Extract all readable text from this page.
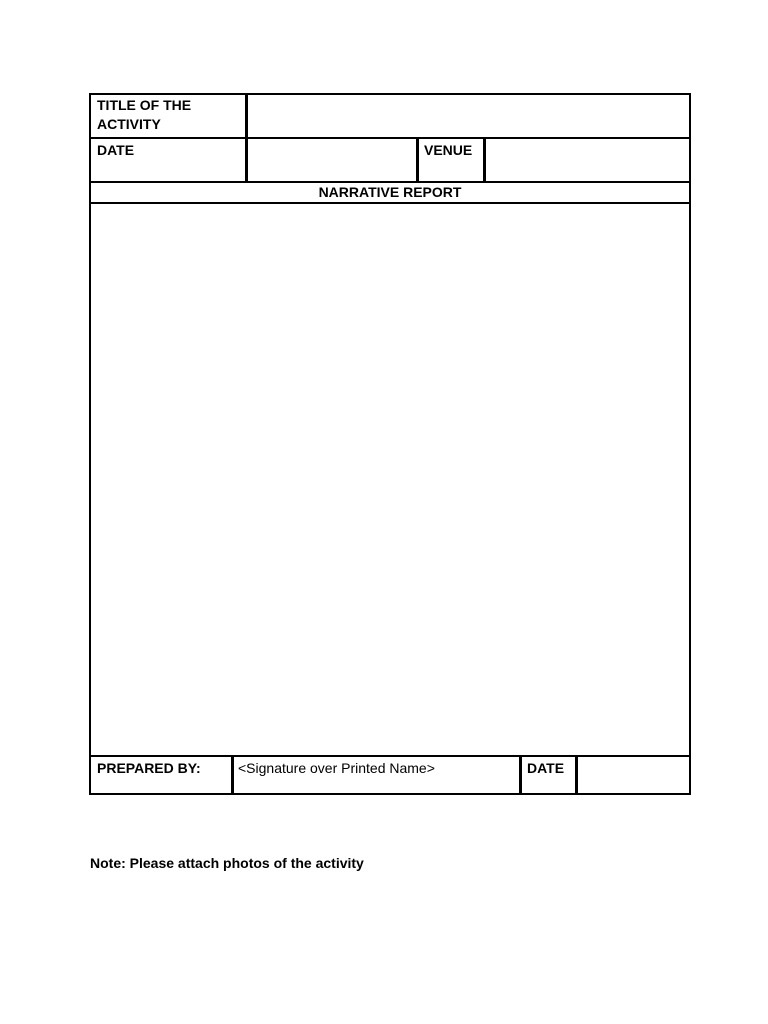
TITLE OF THE ACTIVITY
DATE	VENUE
NARRATIVE REPORT
PREPARED BY:	<Signature over Printed Name>	DATE
Note: Please attach photos of the activity
